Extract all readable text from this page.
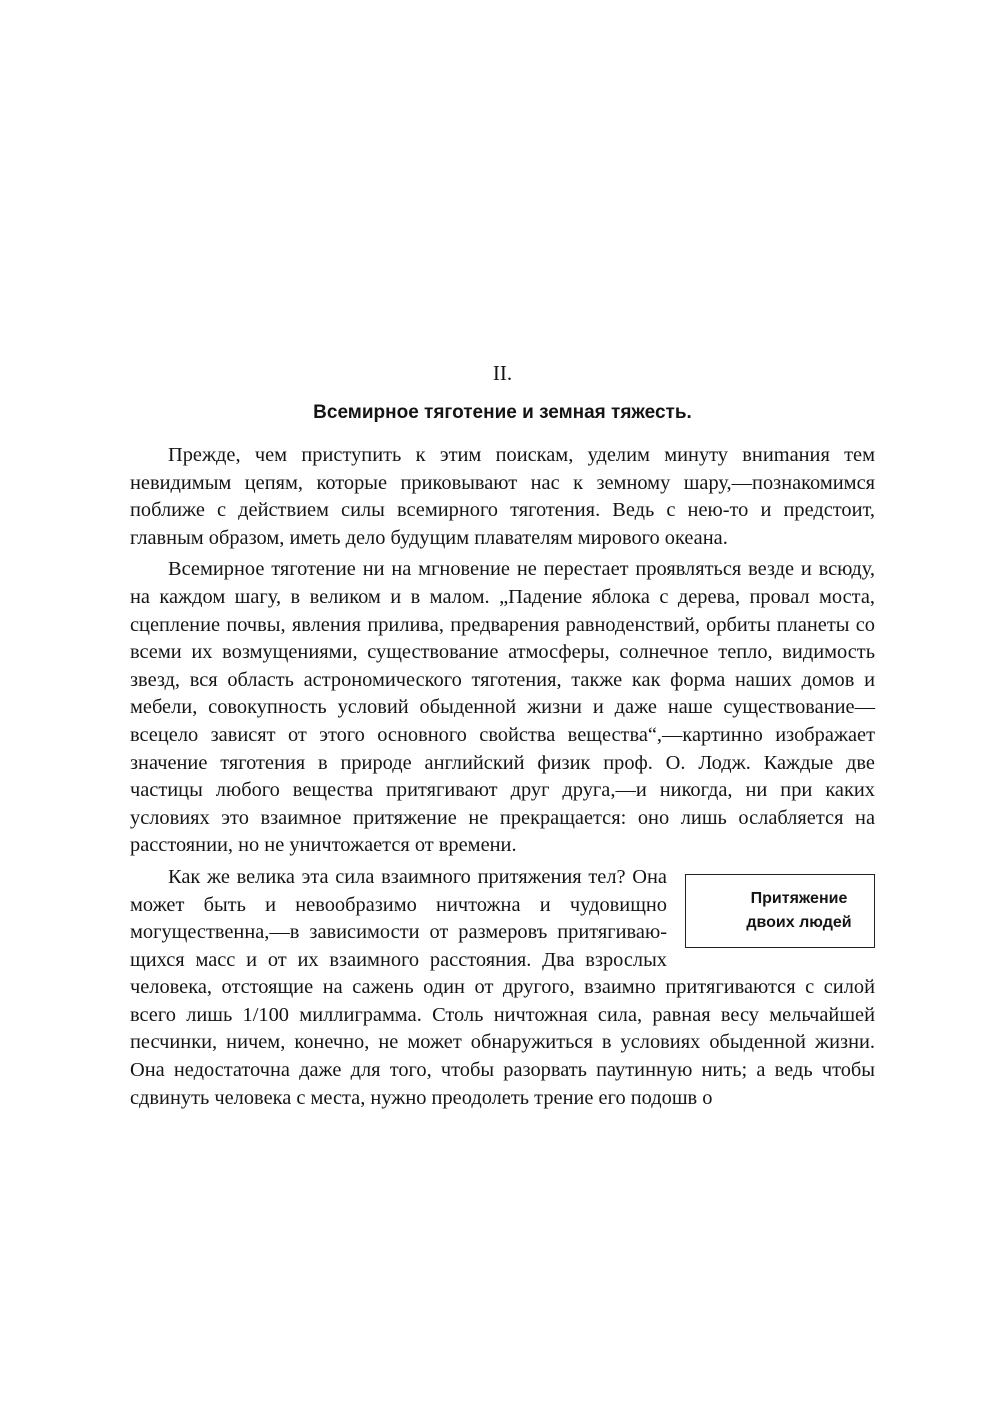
II.
Всемирное тяготение и земная тяжесть.

Прежде, чем приступить к этим поискам, уделим минуту вниmания тем невидимым цепям, которые приковывают нас к земному шару,—познакомимся поближе с действием силы всемирного тяготения. Ведь с нею-то и предстоит, главным образом, иметь дело будущим плавателям мирового океана.

Всемирное тяготение ни на мгновение не перестает проявляться везде и всюду, на каждом шагу, в великом и в малом. „Падение яблока с дерева, провал моста, сцепление почвы, явления прилива, предварения равноденствий, орбиты планеты со всеми их возмущениями, существование атмосферы, солнечное тепло, видимость звезд, вся область астрономического тяготения, также как форма наших домов и мебели, совокупность условий обыденной жизни и даже наше существование—всецело зависят от этого основного свойства вещества“,—картинно изображает значение тяготения в природе английский физик проф. О. Лодж. Каждые две частицы любого вещества притягивают друг друга,—и никогда, ни при каких условиях это взаимное притяжение не прекращается: оно лишь ослабляется на расстоянии, но не уничтожается от времени.

Притяжение
двоих людей
Как же велика эта сила взаимного притяжения тел? Она может быть и невообразимо ничтожна и чудовищно могущественна,—в зависимости от размеровъ притягивающихся масс и от их взаимного расстояния. Два взрослых человека, отстоящие на сажень один от другого, взаимно притягиваются с силой всего лишь 1/100 миллиграмма. Столь ничтожная сила, равная весу мельчайшей песчинки, ничем, конечно, не может обнаружиться в условиях обыденной жизни. Она недостаточна даже для того, чтобы разорвать паутинную нить; а ведь чтобы сдвинуть человека с места, нужно преодолеть трение его подошв о
